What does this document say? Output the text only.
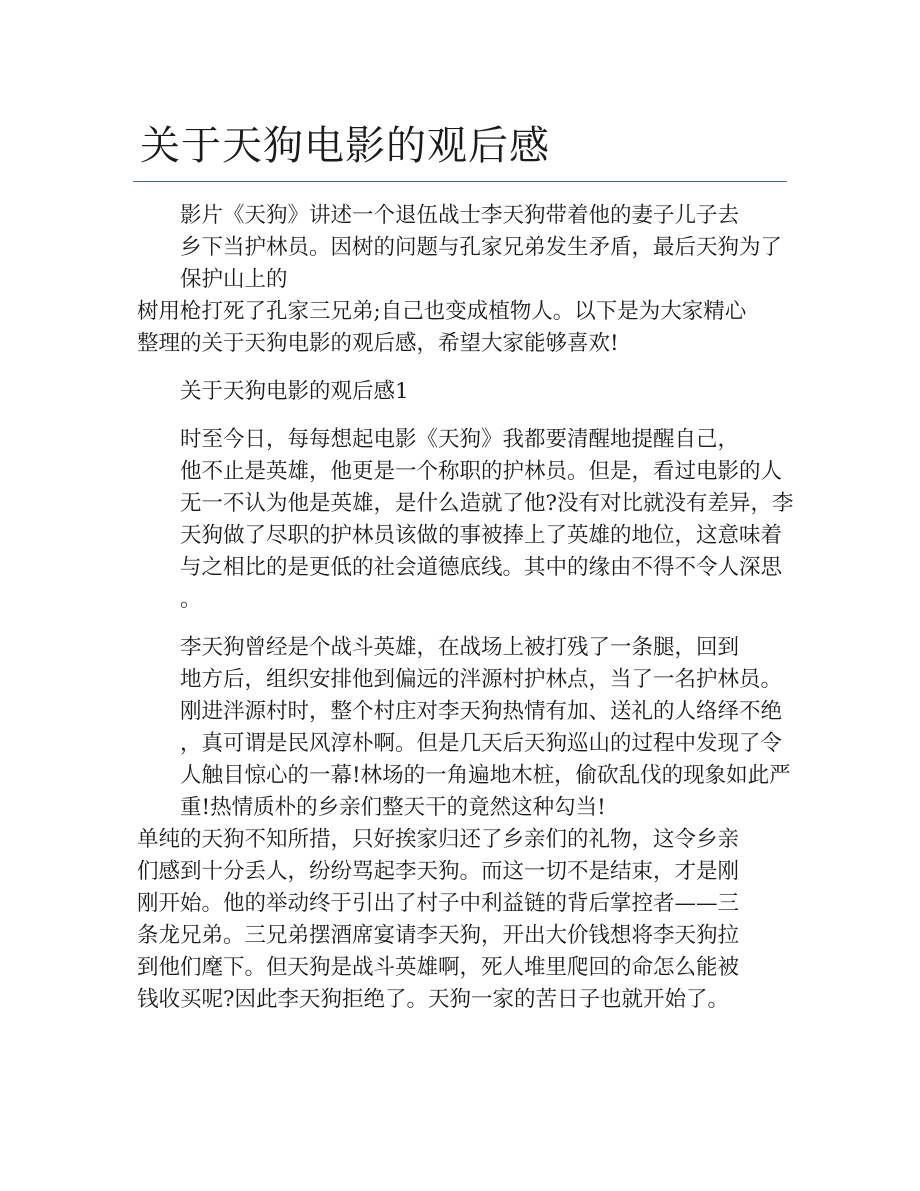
关于天狗电影的观后感

影片《天狗》讲述一个退伍战士李天狗带着他的妻子儿子去
乡下当护林员。因树的问题与孔家兄弟发生矛盾，最后天狗为了
保护山上的

树用枪打死了孔家三兄弟;自己也变成植物人。以下是为大家精心
整理的关于天狗电影的观后感，希望大家能够喜欢!

关于天狗电影的观后感1

时至今日，每每想起电影《天狗》我都要清醒地提醒自己，
他不止是英雄，他更是一个称职的护林员。但是，看过电影的人
无一不认为他是英雄，是什么造就了他?没有对比就没有差异，李
天狗做了尽职的护林员该做的事被捧上了英雄的地位，这意味着
与之相比的是更低的社会道德底线。其中的缘由不得不令人深思
。

李天狗曾经是个战斗英雄，在战场上被打残了一条腿，回到
地方后，组织安排他到偏远的泮源村护林点，当了一名护林员。
刚进泮源村时，整个村庄对李天狗热情有加、送礼的人络绎不绝
，真可谓是民风淳朴啊。但是几天后天狗巡山的过程中发现了令
人触目惊心的一幕!林场的一角遍地木桩，偷砍乱伐的现象如此严
重!热情质朴的乡亲们整天干的竟然这种勾当!

单纯的天狗不知所措，只好挨家归还了乡亲们的礼物，这令乡亲
们感到十分丢人，纷纷骂起李天狗。而这一切不是结束，才是刚
刚开始。他的举动终于引出了村子中利益链的背后掌控者——三
条龙兄弟。三兄弟摆酒席宴请李天狗，开出大价钱想将李天狗拉
到他们麾下。但天狗是战斗英雄啊，死人堆里爬回的命怎么能被
钱收买呢?因此李天狗拒绝了。天狗一家的苦日子也就开始了。
